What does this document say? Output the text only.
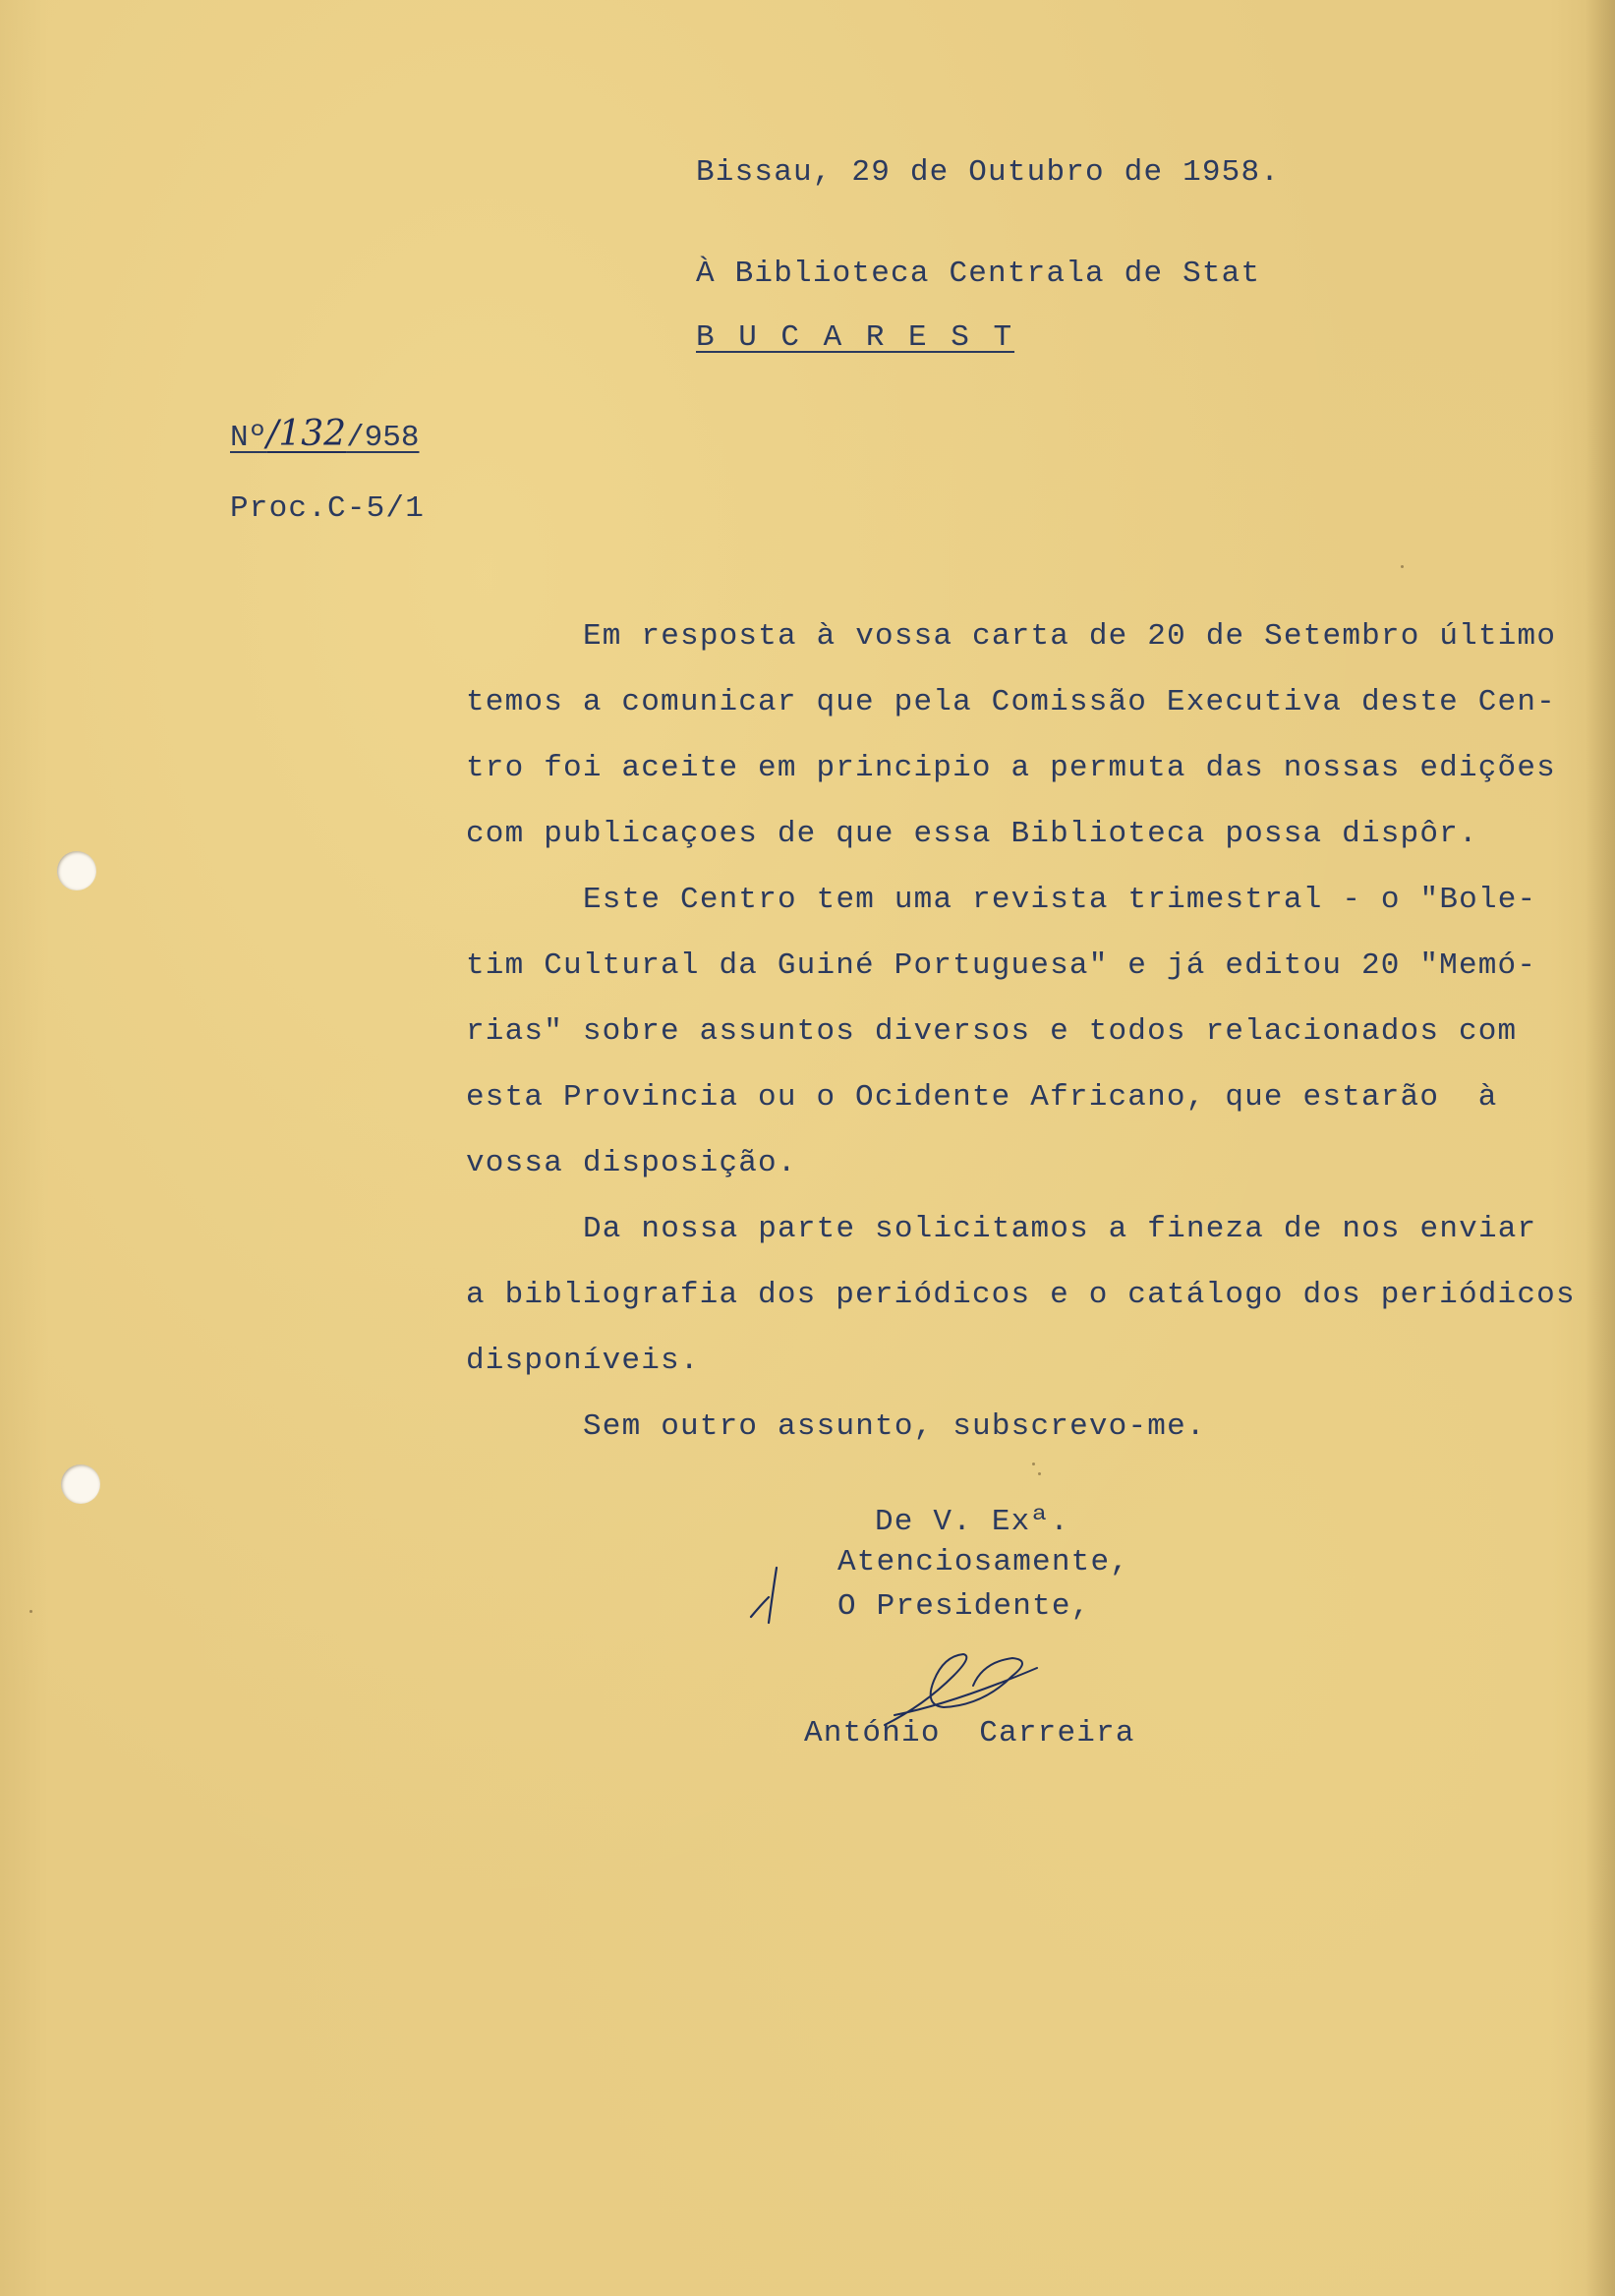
Bissau, 29 de Outubro de 1958.
À Biblioteca Centrala de Stat
B U C A R E S T
Nº/132/958
Proc.C-5/1
Em resposta à vossa carta de 20 de Setembro último
temos a comunicar que pela Comissão Executiva deste Cen-
tro foi aceite em principio a permuta das nossas edições
com publicaçoes de que essa Biblioteca possa dispôr.
Este Centro tem uma revista trimestral - o "Bole-
tim Cultural da Guiné Portuguesa" e já editou 20 "Memó-
rias" sobre assuntos diversos e todos relacionados com
esta Provincia ou o Ocidente Africano, que estarão  à
vossa disposição.
Da nossa parte solicitamos a fineza de nos enviar
a bibliografia dos periódicos e o catálogo dos periódicos
disponíveis.
Sem outro assunto, subscrevo-me.
De V. Exª.
Atenciosamente,
O Presidente,
António  Carreira
